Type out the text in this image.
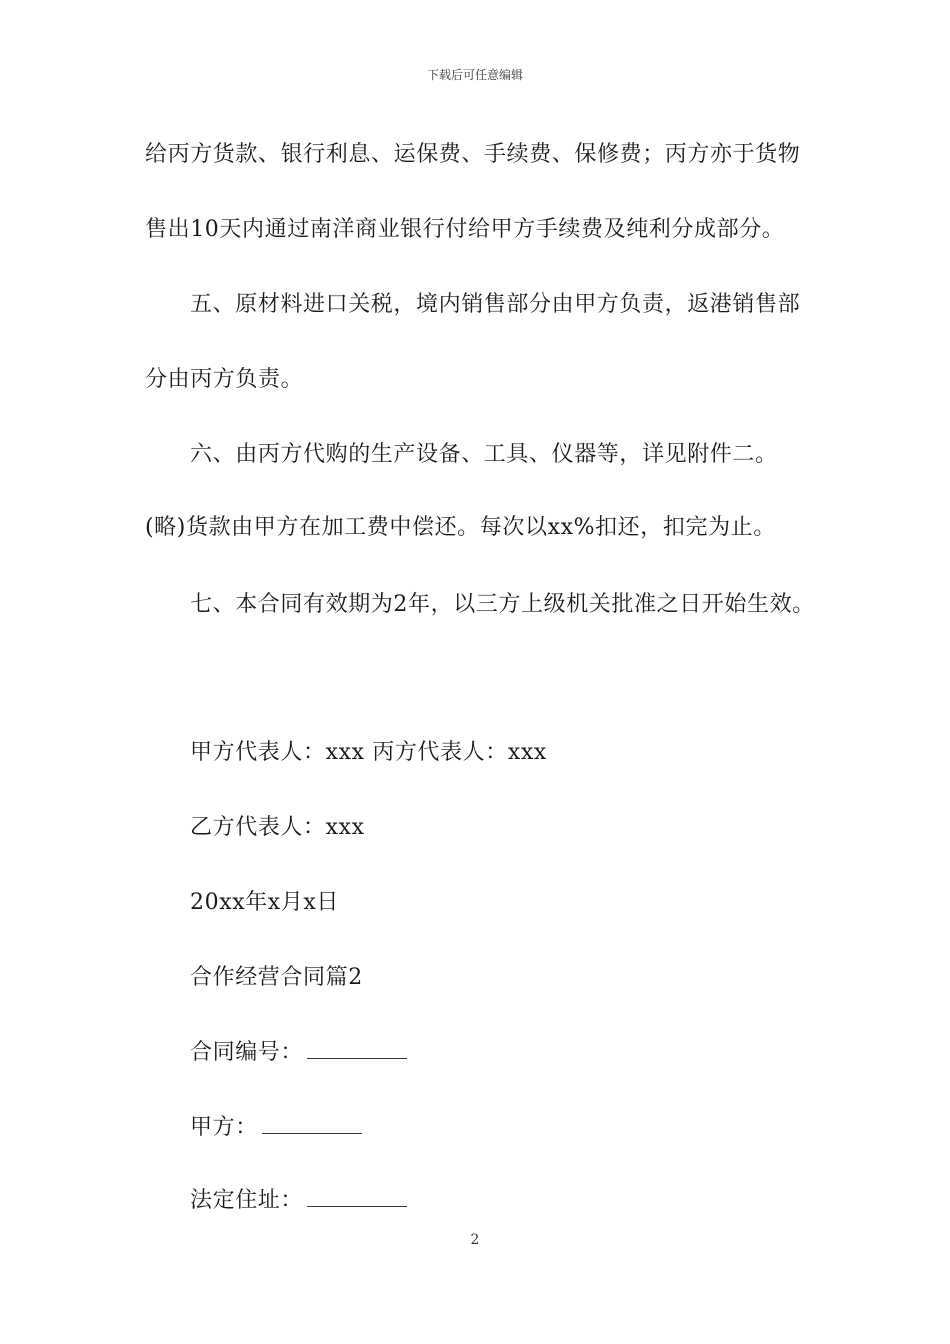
下载后可任意编辑
给丙方货款、银行利息、运保费、手续费、保修费；丙方亦于货物
售出10天内通过南洋商业银行付给甲方手续费及纯利分成部分。
五、原材料进口关税，境内销售部分由甲方负责，返港销售部
分由丙方负责。
六、由丙方代购的生产设备、工具、仪器等，详见附件二。
(略)货款由甲方在加工费中偿还。每次以xx%扣还，扣完为止。
七、本合同有效期为2年，以三方上级机关批准之日开始生效。
甲方代表人：xxx 丙方代表人：xxx
乙方代表人：xxx
20xx年x月x日
合作经营合同篇2
合同编号：
甲方：
法定住址：
2
